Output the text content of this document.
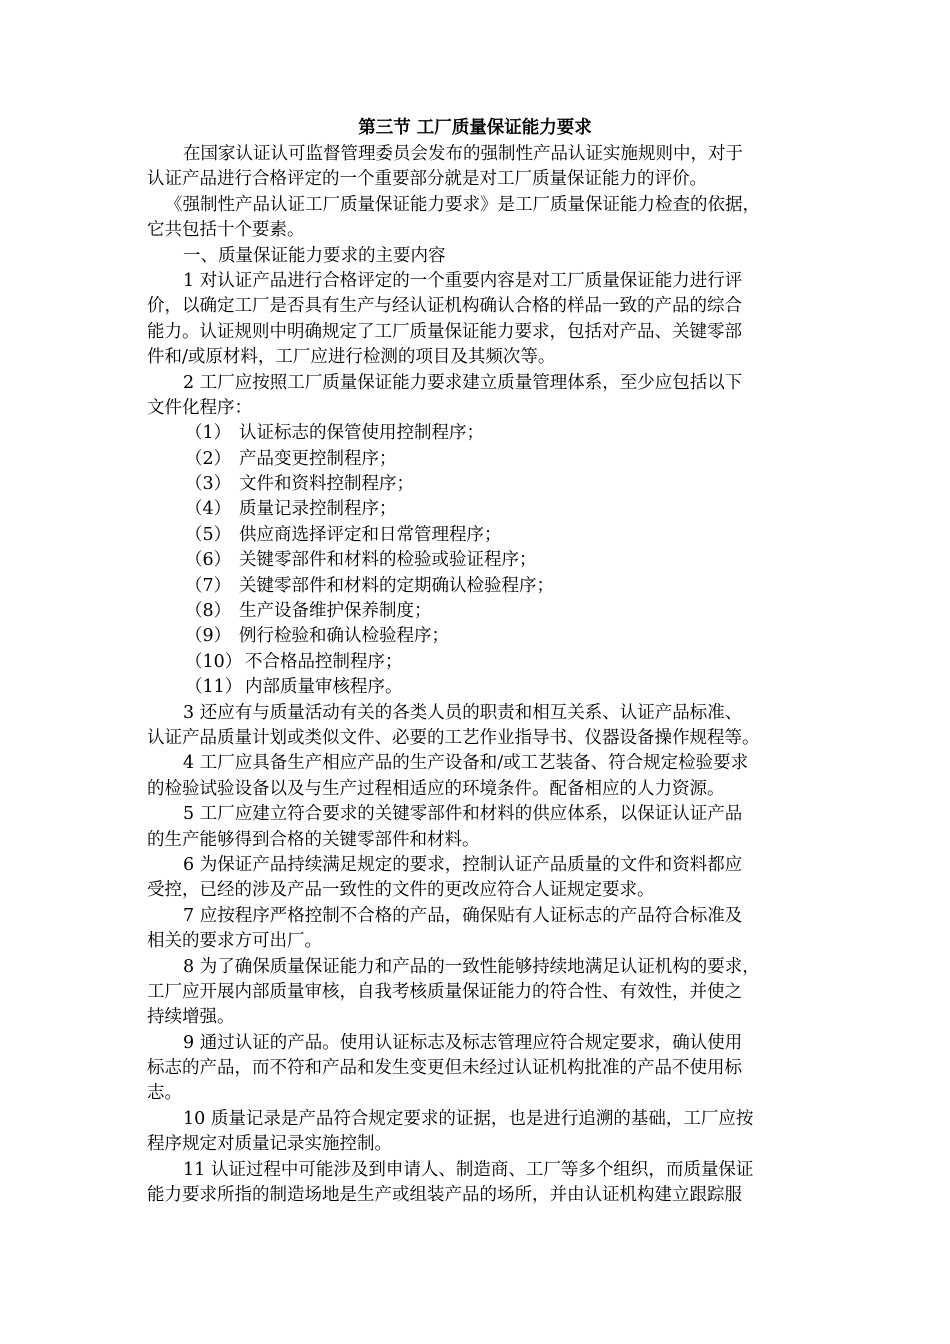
第三节 工厂质量保证能力要求
在国家认证认可监督管理委员会发布的强制性产品认证实施规则中，对于
认证产品进行合格评定的一个重要部分就是对工厂质量保证能力的评价。
《强制性产品认证工厂质量保证能力要求》是工厂质量保证能力检查的依据，
它共包括十个要素。
一、质量保证能力要求的主要内容
1 对认证产品进行合格评定的一个重要内容是对工厂质量保证能力进行评
价，以确定工厂是否具有生产与经认证机构确认合格的样品一致的产品的综合
能力。认证规则中明确规定了工厂质量保证能力要求，包括对产品、关键零部
件和/或原材料，工厂应进行检测的项目及其频次等。
2 工厂应按照工厂质量保证能力要求建立质量管理体系，至少应包括以下
文件化程序：
（1） 认证标志的保管使用控制程序；
（2） 产品变更控制程序；
（3） 文件和资料控制程序；
（4） 质量记录控制程序；
（5） 供应商选择评定和日常管理程序；
（6） 关键零部件和材料的检验或验证程序；
（7） 关键零部件和材料的定期确认检验程序；
（8） 生产设备维护保养制度；
（9） 例行检验和确认检验程序；
（10） 不合格品控制程序；
（11） 内部质量审核程序。
3 还应有与质量活动有关的各类人员的职责和相互关系、认证产品标准、
认证产品质量计划或类似文件、必要的工艺作业指导书、仪器设备操作规程等。
4 工厂应具备生产相应产品的生产设备和/或工艺装备、符合规定检验要求
的检验试验设备以及与生产过程相适应的环境条件。配备相应的人力资源。
5 工厂应建立符合要求的关键零部件和材料的供应体系，以保证认证产品
的生产能够得到合格的关键零部件和材料。
6 为保证产品持续满足规定的要求，控制认证产品质量的文件和资料都应
受控，已经的涉及产品一致性的文件的更改应符合人证规定要求。
7 应按程序严格控制不合格的产品，确保贴有人证标志的产品符合标准及
相关的要求方可出厂。
8 为了确保质量保证能力和产品的一致性能够持续地满足认证机构的要求，
工厂应开展内部质量审核，自我考核质量保证能力的符合性、有效性，并使之
持续增强。
9 通过认证的产品。使用认证标志及标志管理应符合规定要求，确认使用
标志的产品，而不符和产品和发生变更但未经过认证机构批准的产品不使用标
志。
10 质量记录是产品符合规定要求的证据，也是进行追溯的基础，工厂应按
程序规定对质量记录实施控制。
11 认证过程中可能涉及到申请人、制造商、工厂等多个组织，而质量保证
能力要求所指的制造场地是生产或组装产品的场所，并由认证机构建立跟踪服
